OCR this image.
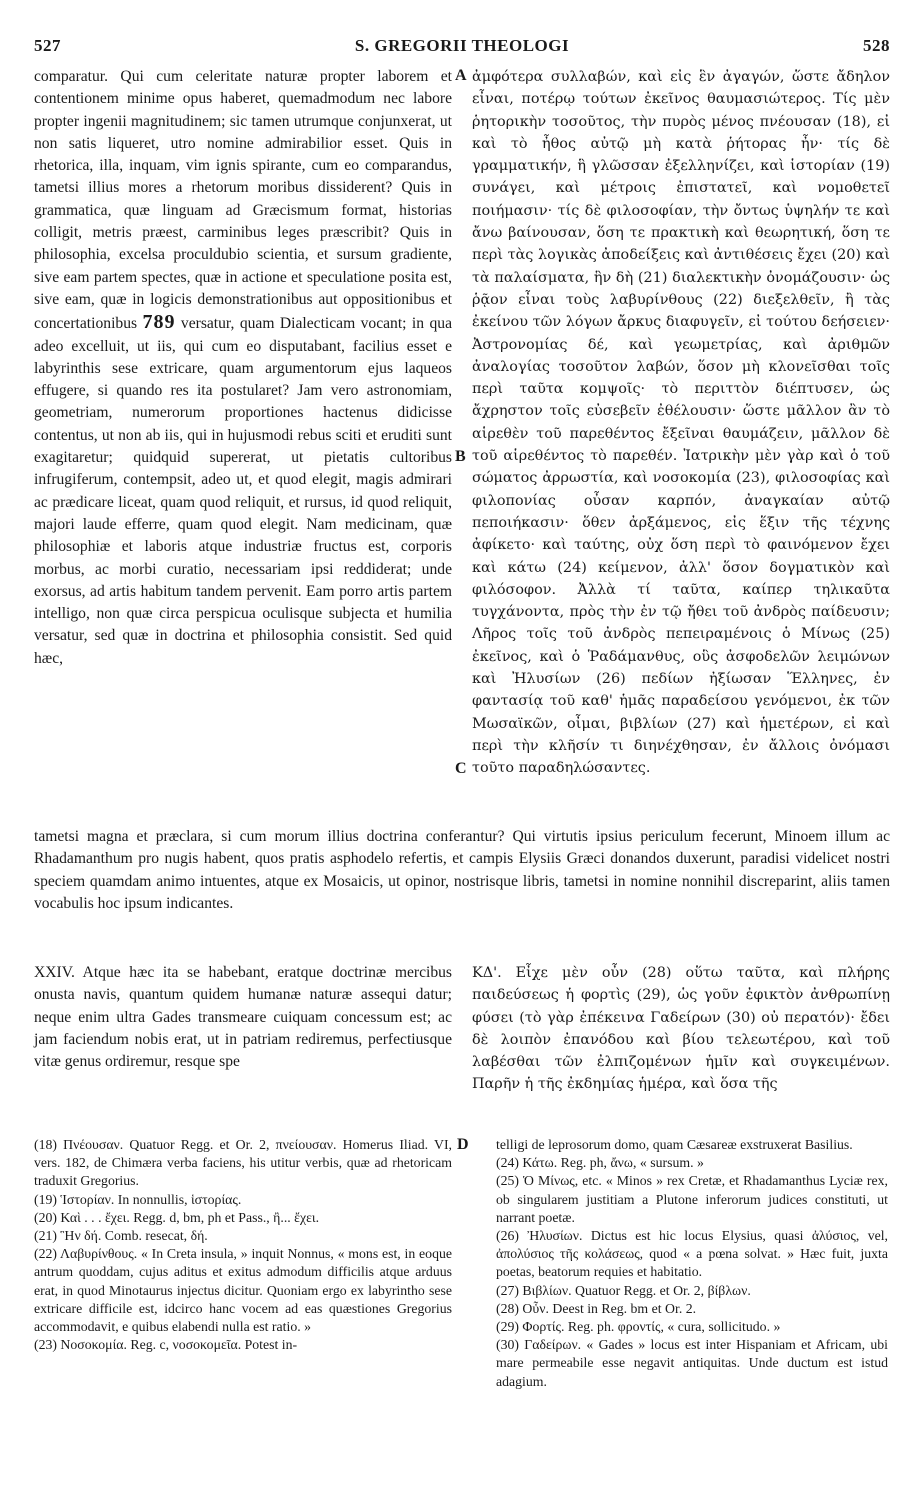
527	S. GREGORII THEOLOGI	528
comparatur. Qui cum celeritate naturæ propter laborem et contentionem minime opus haberet, quemadmodum nec labore propter ingenii magnitudinem; sic tamen utrumque conjunxerat, ut non satis liqueret, utro nomine admirabilior esset. Quis in rhetorica, illa, inquam, vim ignis spirante, cum eo comparandus, tametsi illius mores a rhetorum moribus dissiderent? Quis in grammatica, quæ linguam ad Græcismum format, historias colligit, metris præest, carminibus leges præscribit? Quis in philosophia, excelsa proculdubio scientia, et sursum gradiente, sive eam partem spectes, quæ in actione et speculatione posita est, sive eam, quæ in logicis demonstrationibus aut oppositionibus et concertationibus 789 versatur, quam Dialecticam vocant; in qua adeo excelluit, ut iis, qui cum eo disputabant, facilius esset e labyrinthis sese extricare, quam argumentorum ejus laqueos effugere, si quando res ita postularet? Jam vero astronomiam, geometriam, numerorum proportiones hactenus didicisse contentus, ut non ab iis, qui in hujusmodi rebus sciti et eruditi sunt exagitaretur; quidquid supererat, ut pietatis cultoribus infrugiferum, contempsit, adeo ut, et quod elegit, magis admirari ac prædicare liceat, quam quod reliquit, et rursus, id quod reliquit, majori laude efferre, quam quod elegit. Nam medicinam, quæ philosophiæ et laboris atque industriæ fructus est, corporis morbus, ac morbi curatio, necessariam ipsi reddiderat; unde exorsus, ad artis habitum tandem pervenit. Eam porro artis partem intelligo, non quæ circa perspicua oculisque subjecta et humilia versatur, sed quæ in doctrina et philosophia consistit. Sed quid hæc,
A
B
C
D
ἀμφότερα συλλαβών, καὶ εἰς ἓν ἀγαγών, ὥστε ἄδηλον εἶναι, ποτέρῳ τούτων ἐκεῖνος θαυμασιώτερος. Τίς μὲν ῥητορικὴν τοσοῦτος, τὴν πυρὸς μένος πνέουσαν (18), εἰ καὶ τὸ ἦθος αὐτῷ μὴ κατὰ ῥήτορας ἦν· τίς δὲ γραμματικήν, ἣ γλῶσσαν ἐξελληνίζει, καὶ ἱστορίαν (19) συνάγει, καὶ μέτροις ἐπιστατεῖ, καὶ νομοθετεῖ ποιήμασιν· τίς δὲ φιλοσοφίαν, τὴν ὄντως ὑψηλήν τε καὶ ἄνω βαίνουσαν, ὅση τε πρακτικὴ καὶ θεωρητική, ὅση τε περὶ τὰς λογικὰς ἀποδείξεις καὶ ἀντιθέσεις ἔχει (20) καὶ τὰ παλαίσματα, ἣν δὴ (21) διαλεκτικὴν ὀνομάζουσιν· ὡς ῥᾷον εἶναι τοὺς λαβυρίνθους (22) διεξελθεῖν, ἢ τὰς ἐκείνου τῶν λόγων ἄρκυς διαφυγεῖν, εἰ τούτου δεήσειεν· Ἀστρονομίας δέ, καὶ γεωμετρίας, καὶ ἀριθμῶν ἀναλογίας τοσοῦτον λαβών, ὅσον μὴ κλονεῖσθαι τοῖς περὶ ταῦτα κομψοῖς· τὸ περιττὸν διέπτυσεν, ὡς ἄχρηστον τοῖς εὐσεβεῖν ἐθέλουσιν· ὥστε μᾶλλον ἂν τὸ αἱρεθὲν τοῦ παρεθέντος ἔξεῖναι θαυμάζειν, μᾶλλον δὲ τοῦ αἱρεθέντος τὸ παρεθέν. Ἰατρικὴν μὲν γὰρ καὶ ὁ τοῦ σώματος ἀρρωστία, καὶ νοσοκομία (23), φιλοσοφίας καὶ φιλοπονίας οὖσαν καρπόν, ἀναγκαίαν αὐτῷ πεποιήκασιν· ὅθεν ἀρξάμενος, εἰς ἕξιν τῆς τέχνης ἀφίκετο· καὶ ταύτης, οὐχ ὅση περὶ τὸ φαινόμενον ἔχει καὶ κάτω (24) κείμενον, ἀλλ' ὅσον δογματικὸν καὶ φιλόσοφον. Ἀλλὰ τί ταῦτα, καίπερ τηλικαῦτα τυγχάνοντα, πρὸς τὴν ἐν τῷ ἤθει τοῦ ἀνδρὸς παίδευσιν; Λῆρος τοῖς τοῦ ἀνδρὸς πεπειραμένοις ὁ Μίνως (25) ἐκεῖνος, καὶ ὁ Ῥαδάμανθυς, οὓς ἀσφοδελῶν λειμώνων καὶ Ἠλυσίων (26) πεδίων ἠξίωσαν Ἕλληνες, ἐν φαντασίᾳ τοῦ καθ' ἡμᾶς παραδείσου γενόμενοι, ἐκ τῶν Μωσαϊκῶν, οἶμαι, βιβλίων (27) καὶ ἡμετέρων, εἰ καὶ περὶ τὴν κλῆσίν τι διηνέχθησαν, ἐν ἄλλοις ὀνόμασι τοῦτο παραδηλώσαντες.
tametsi magna et præclara, si cum morum illius doctrina conferantur? Qui virtutis ipsius periculum fecerunt, Minoem illum ac Rhadamanthum pro nugis habent, quos pratis asphodelo refertis, et campis Elysiis Græci donandos duxerunt, paradisi videlicet nostri speciem quamdam animo intuentes, atque ex Mosaicis, ut opinor, nostrisque libris, tametsi in nomine nonnihil discreparint, aliis tamen vocabulis hoc ipsum indicantes.
XXIV. Atque hæc ita se habebant, eratque doctrinæ mercibus onusta navis, quantum quidem humanæ naturæ assequi datur; neque enim ultra Gades transmeare cuiquam concessum est; ac jam faciendum nobis erat, ut in patriam rediremus, perfectiusque vitæ genus ordiremur, resque spe
ΚΔ'. Εἶχε μὲν οὖν (28) οὕτω ταῦτα, καὶ πλήρης παιδεύσεως ἡ φορτὶς (29), ὡς γοῦν ἐφικτὸν ἀνθρωπίνῃ φύσει (τὸ γὰρ ἐπέκεινα Γαδείρων (30) οὐ περατόν)· ἔδει δὲ λοιπὸν ἐπανόδου καὶ βίου τελεωτέρου, καὶ τοῦ λαβέσθαι τῶν ἐλπιζομένων ἡμῖν καὶ συγκειμένων. Παρῆν ἡ τῆς ἐκδημίας ἡμέρα, καὶ ὅσα τῆς

(18) Πνέουσαν. Quatuor Regg. et Or. 2, πνείουσαν. Homerus Iliad. VI, vers. 182, de Chimæra verba faciens, his utitur verbis, quæ ad rhetoricam traduxit Gregorius.

(19) Ἱστορίαν. In nonnullis, ἱστορίας.

(20) Καὶ . . . ἔχει. Regg. d, bm, ph et Pass., ἢ... ἔχει.

(21) Ἣν δή. Comb. resecat, δή.

(22) Λαβυρίνθους. « In Creta insula, » inquit Nonnus, « mons est, in eoque antrum quoddam, cujus aditus et exitus admodum difficilis atque arduus erat, in quod Minotaurus injectus dicitur. Quoniam ergo ex labyrintho sese extricare difficile est, idcirco hanc vocem ad eas quæstiones Gregorius accommodavit, e quibus elabendi nulla est ratio. »

(23) Νοσοκομία. Reg. c, νοσοκομεῖα. Potest in-

telligi de leprosorum domo, quam Cæsareæ exstruxerat Basilius.

(24) Κάτω. Reg. ph, ἄνω, « sursum. »

(25) Ὁ Μίνως, etc. « Minos » rex Cretæ, et Rhadamanthus Lyciæ rex, ob singularem justitiam a Plutone inferorum judices constituti, ut narrant poetæ.

(26) Ἠλυσίων. Dictus est hic locus Elysius, quasi ἀλύσιος, vel, ἀπολύσιος τῆς κολάσεως, quod « a pœna solvat. » Hæc fuit, juxta poetas, beatorum requies et habitatio.

(27) Βιβλίων. Quatuor Regg. et Or. 2, βίβλων.

(28) Οὖν. Deest in Reg. bm et Or. 2.

(29) Φορτίς. Reg. ph. φροντίς, « cura, sollicitudo. »

(30) Γαδείρων. « Gades » locus est inter Hispaniam et Africam, ubi mare permeabile esse negavit antiquitas. Unde ductum est istud adagium.
